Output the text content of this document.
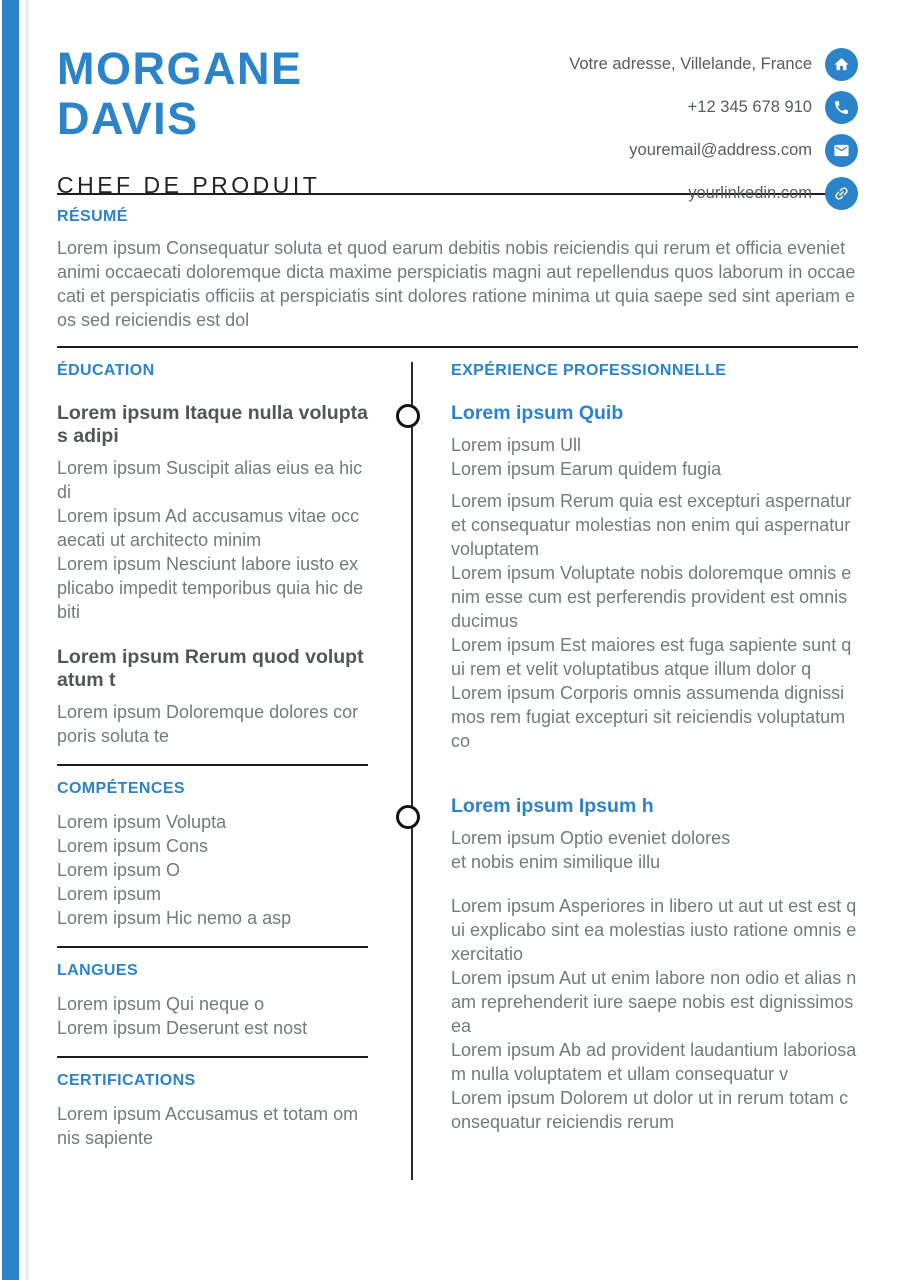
MORGANE DAVIS
CHEF DE PRODUIT
Votre adresse, Villelande, France
+12 345 678 910
youremail@address.com
yourlinkedin.com
RÉSUMÉ
Lorem ipsum Consequatur soluta et quod earum debitis nobis reiciendis qui rerum et officia eveniet animi occaecati doloremque dicta maxime perspiciatis magni aut repellendus quos laborum in occaecati et perspiciatis officiis at perspiciatis sint dolores ratione minima ut quia saepe sed sint aperiam eos sed reiciendis est dol
ÉDUCATION
Lorem ipsum Itaque nulla voluptas adipi
Lorem ipsum Suscipit alias eius ea hic di
Lorem ipsum Ad accusamus vitae occaecati ut architecto minim
Lorem ipsum Nesciunt labore iusto explicabo impedit temporibus quia hic debiti
Lorem ipsum Rerum quod voluptatum t
Lorem ipsum Doloremque dolores corporis soluta te
COMPÉTENCES
Lorem ipsum Volupta
Lorem ipsum Cons
Lorem ipsum O
Lorem ipsum
Lorem ipsum Hic nemo a asp
LANGUES
Lorem ipsum Qui neque o
Lorem ipsum Deserunt est nost
CERTIFICATIONS
Lorem ipsum Accusamus et totam omnis sapiente
EXPÉRIENCE PROFESSIONNELLE
Lorem ipsum Quib
Lorem ipsum Ull
Lorem ipsum Earum quidem fugia
Lorem ipsum Rerum quia est excepturi aspernatur et consequatur molestias non enim qui aspernatur voluptatem
Lorem ipsum Voluptate nobis doloremque omnis enim esse cum est perferendis provident est omnis ducimus
Lorem ipsum Est maiores est fuga sapiente sunt qui rem et velit voluptatibus atque illum dolor q
Lorem ipsum Corporis omnis assumenda dignissimos rem fugiat excepturi sit reiciendis voluptatum co
Lorem ipsum Ipsum h
Lorem ipsum Optio eveniet dolores
et nobis enim similique illu
Lorem ipsum Asperiores in libero ut aut ut est est qui explicabo sint ea molestias iusto ratione omnis exercitatio
Lorem ipsum Aut ut enim labore non odio et alias nam reprehenderit iure saepe nobis est dignissimos ea
Lorem ipsum Ab ad provident laudantium laboriosam nulla voluptatem et ullam consequatur v
Lorem ipsum Dolorem ut dolor ut in rerum totam consequatur reiciendis rerum
